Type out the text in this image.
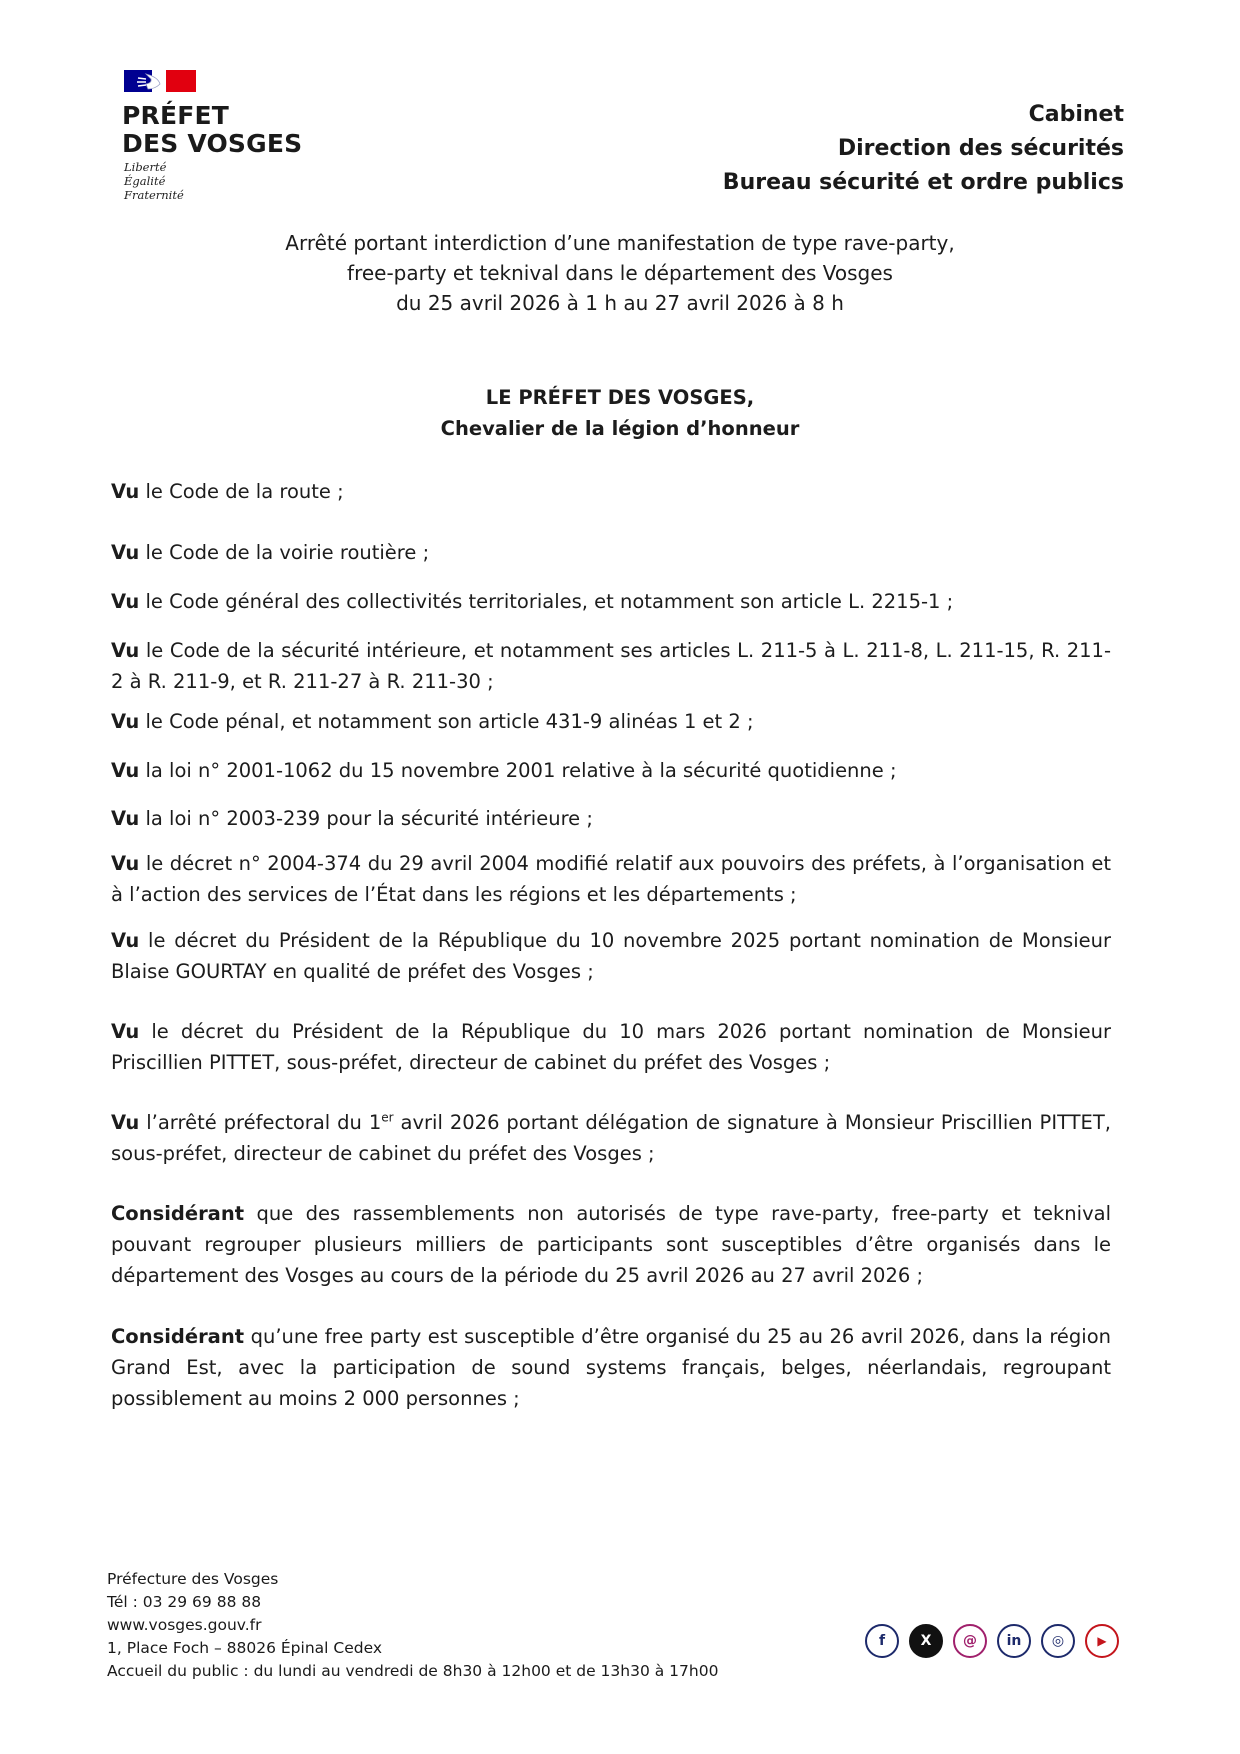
PRÉFET
DES VOSGES
Liberté
Égalité
Fraternité
Cabinet
Direction des sécurités
Bureau sécurité et ordre publics
Arrêté portant interdiction d’une manifestation de type rave-party,
free-party et teknival dans le département des Vosges
du 25 avril 2026 à 1 h au 27 avril 2026 à 8 h
LE PRÉFET DES VOSGES,
Chevalier de la légion d’honneur
Vu le Code de la route ;
Vu le Code de la voirie routière ;
Vu le Code général des collectivités territoriales, et notamment son article L. 2215-1 ;
Vu le Code de la sécurité intérieure, et notamment ses articles L. 211-5 à L. 211-8, L. 211-15, R. 211-2 à R. 211-9, et R. 211-27 à R. 211-30 ;
Vu le Code pénal, et notamment son article 431-9 alinéas 1 et 2 ;
Vu la loi n° 2001-1062 du 15 novembre 2001 relative à la sécurité quotidienne ;
Vu la loi n° 2003-239 pour la sécurité intérieure ;
Vu le décret n° 2004-374 du 29 avril 2004 modifié relatif aux pouvoirs des préfets, à l’organisation et à l’action des services de l’État dans les régions et les départements ;
Vu le décret du Président de la République du 10 novembre 2025 portant nomination de Monsieur Blaise GOURTAY en qualité de préfet des Vosges ;
Vu le décret du Président de la République du 10 mars 2026 portant nomination de Monsieur Priscillien PITTET, sous-préfet, directeur de cabinet du préfet des Vosges ;
Vu l’arrêté préfectoral du 1er avril 2026 portant délégation de signature à Monsieur Priscillien PITTET, sous-préfet, directeur de cabinet du préfet des Vosges ;
Considérant que des rassemblements non autorisés de type rave-party, free-party et teknival pouvant regrouper plusieurs milliers de participants sont susceptibles d’être organisés dans le département des Vosges au cours de la période du 25 avril 2026 au 27 avril 2026 ;
Considérant qu’une free party est susceptible d’être organisé du 25 au 26 avril 2026, dans la région Grand Est, avec la participation de sound systems français, belges, néerlandais, regroupant possiblement au moins 2 000 personnes ;
Préfecture des Vosges
Tél : 03 29 69 88 88
www.vosges.gouv.fr
1, Place Foch – 88026 Épinal Cedex
Accueil du public : du lundi au vendredi de 8h30 à 12h00 et de 13h30 à 17h00
f	X	@	in	◎	▶
